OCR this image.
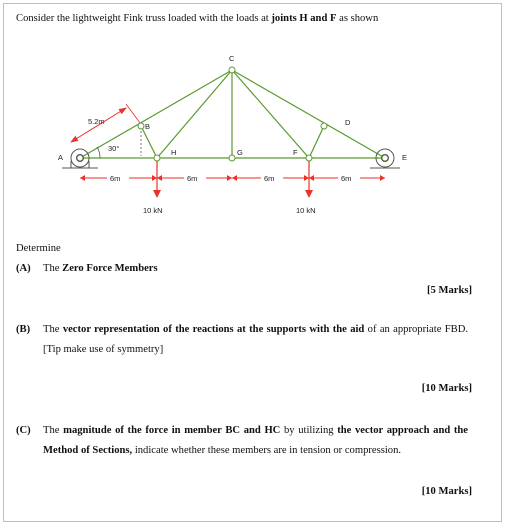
Consider the lightweight Fink truss loaded with the loads at joints H and F as shown
A
B
C
D
E
F
G
H
5.2m
30°
6m	6m	6m	6m
10 kN	10 kN
Determine
(A) The Zero Force Members
[5 Marks]
(B) The vector representation of the reactions at the supports with the aid of an appropriate FBD. [Tip make use of symmetry]
[10 Marks]
(C) The magnitude of the force in member BC and HC by utilizing the vector approach and the Method of Sections, indicate whether these members are in tension or compression.
[10 Marks]
